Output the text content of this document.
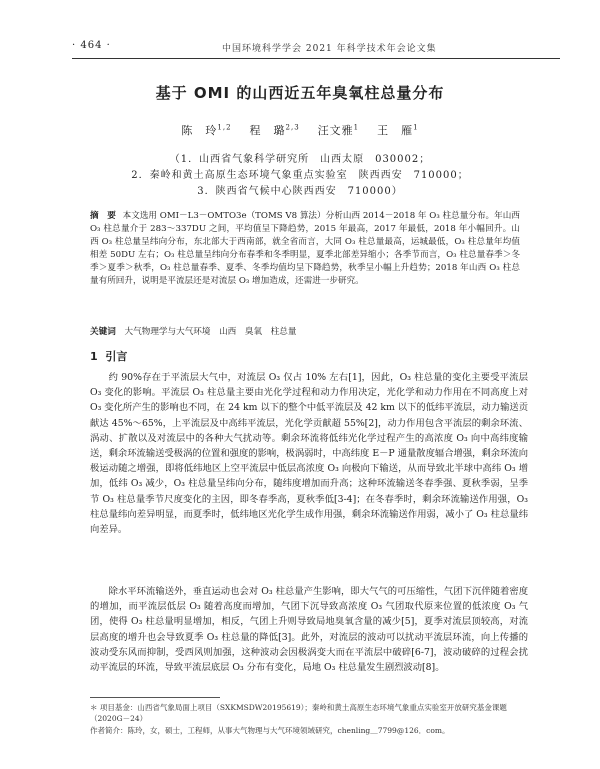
· 464 ·	中国环境科学学会 2021 年科学技术年会论文集
基于 OMI 的山西近五年臭氧柱总量分布
陈　玲$^{1,2}$ 程　璐$^{2,3}$ 汪文雅$^1$ 王　雁$^1$
（1．山西省气象科学研究所　山西太原　030002；
2．秦岭和黄土高原生态环境气象重点实验室　陕西西安　710000；
3．陕西省气候中心陕西西安　710000）
摘　要 本文选用 OMI－L3－OMTO3e（TOMS V8 算法）分析山西 2014－2018 年 O₃ 柱总量分布。年山西 O₃ 柱总量介于 283～337DU 之间，平均值呈下降趋势，2015 年最高，2017 年最低，2018 年小幅回升。山西 O₃ 柱总量呈纬向分布，东北部大于西南部，就全省而言，大同 O₃ 柱总量最高，运城最低，O₃ 柱总量年均值相差 50DU 左右；O₃ 柱总量呈纬向分布春季和冬季明显，夏季北部差异缩小；各季节而言，O₃ 柱总量春季＞冬季＞夏季＞秋季，O₃ 柱总量春季、夏季、冬季均值均呈下降趋势，秋季呈小幅上升趋势；2018 年山西 O₃ 柱总量有所回升，说明是平流层还是对流层 O₃ 增加造成，还需进一步研究。
关键词 大气物理学与大气环境　山西　臭氧　柱总量
1 引言
约 90%存在于平流层大气中，对流层 O₃ 仅占 10% 左右[1]，因此，O₃ 柱总量的变化主要受平流层 O₃ 变化的影响。平流层 O₃ 柱总量主要由光化学过程和动力作用决定，光化学和动力作用在不同高度上对 O₃ 变化所产生的影响也不同，在 24 km 以下的整个中低平流层及 42 km 以下的低纬平流层，动力输送贡献达 45%～65%，上平流层及中高纬平流层，光化学贡献超 55%[2]，动力作用包含平流层的剩余环流、涡动、扩散以及对流层中的各种大气扰动等。剩余环流将低纬光化学过程产生的高浓度 O₃ 向中高纬度输送，剩余环流输送受极涡的位置和强度的影响，极涡弱时，中高纬度 E－P 通量散度辐合增强，剩余环流向极运动随之增强，即将低纬地区上空平流层中低层高浓度 O₃ 向极向下输送，从而导致北半球中高纬 O₃ 增加，低纬 O₃ 减少，O₃ 柱总量呈纬向分布，随纬度增加而升高；这种环流输送冬春季强、夏秋季弱，呈季节 O₃ 柱总量季节尺度变化的主因，即冬春季高，夏秋季低[3-4]；在冬春季时，剩余环流输送作用强，O₃ 柱总量纬向差异明显，而夏季时，低纬地区光化学生成作用强，剩余环流输送作用弱，减小了 O₃ 柱总量纬向差异。
除水平环流输送外，垂直运动也会对 O₃ 柱总量产生影响，即大气气的可压缩性，气团下沉伴随着密度的增加，而平流层低层 O₃ 随着高度而增加，气团下沉导致高浓度 O₃ 气团取代原来位置的低浓度 O₃ 气团，使得 O₃ 柱总量明显增加，相反，气团上升则导致局地臭氧含量的减少[5]，夏季对流层顶较高，对流层高度的增升也会导致夏季 O₃ 柱总量的降低[3]。此外，对流层的波动可以扰动平流层环流，向上传播的波动受东风而抑制，受西风则加强，这种波动会因极涡变大而在平流层中破碎[6-7]，波动破碎的过程会扰动平流层的环流，导致平流层底层 O₃ 分布有变化，局地 O₃ 柱总量发生剧烈波动[8]。
＊ 项目基金：山西省气象局面上项目（SXKMSDW20195619）；秦岭和黄土高原生态环境气象重点实验室开放研究基金课题（2020G－24）
作者简介：陈玲，女，硕士，工程师，从事大气物理与大气环境领域研究，chenling＿7799@126．com。
